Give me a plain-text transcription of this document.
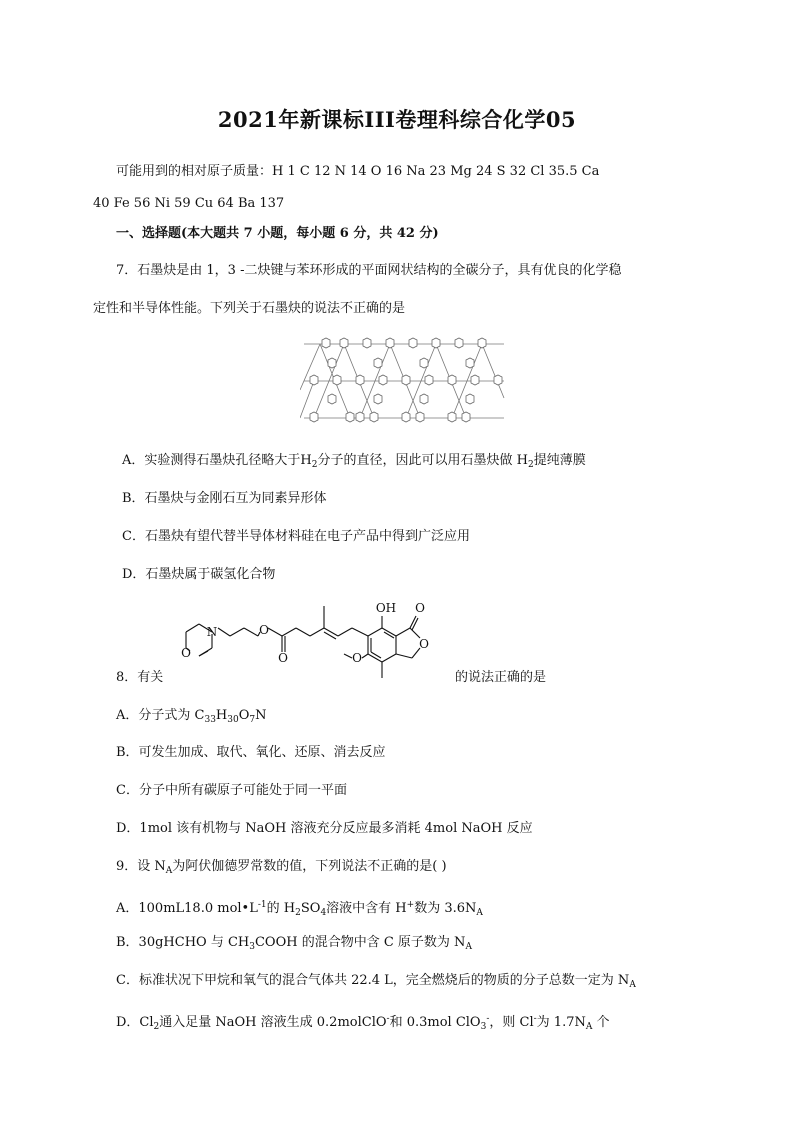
2021年新课标III卷理科综合化学05
可能用到的相对原子质量：H 1 C 12 N 14 O 16 Na 23 Mg 24 S 32 Cl 35.5 Ca
40 Fe 56 Ni 59 Cu 64 Ba 137
一、选择题(本大题共 7 小题，每小题 6 分，共 42 分)
7．石墨炔是由 1，3 -二炔键与苯环形成的平面网状结构的全碳分子，具有优良的化学稳
定性和半导体性能。下列关于石墨炔的说法不正确的是
A．实验测得石墨炔孔径略大于$H_2$分子的直径，因此可以用石墨炔做 $H_2$提纯薄膜
B．石墨炔与金刚石互为同素异形体
C．石墨炔有望代替半导体材料硅在电子产品中得到广泛应用
D．石墨炔属于碳氢化合物
8．有关	的说法正确的是
N
O
O
O
OH O
O
O
A．分子式为 $C_{33}H_{30}O_7N$
B．可发生加成、取代、氧化、还原、消去反应
C．分子中所有碳原子可能处于同一平面
D．1mol 该有机物与 NaOH 溶液充分反应最多消耗 4mol NaOH 反应
9．设 $N_A$为阿伏伽德罗常数的值，下列说法不正确的是( )
A．100mL18.0 $mol•L^{-1}$的 $H_2SO_4$溶液中含有 H+数为 $3.6N_A$
B．30gHCHO 与 $CH_3COOH$ 的混合物中含 C 原子数为 $N_A$
C．标准状况下甲烷和氧气的混合气体共 22.4 L，完全燃烧后的物质的分子总数一定为 $N_A$
D．$Cl_2$通入足量 NaOH 溶液生成 0.2molClO-和 0.3mol ClO$_3$-，则 Cl-为 $1.7N_A$ 个
